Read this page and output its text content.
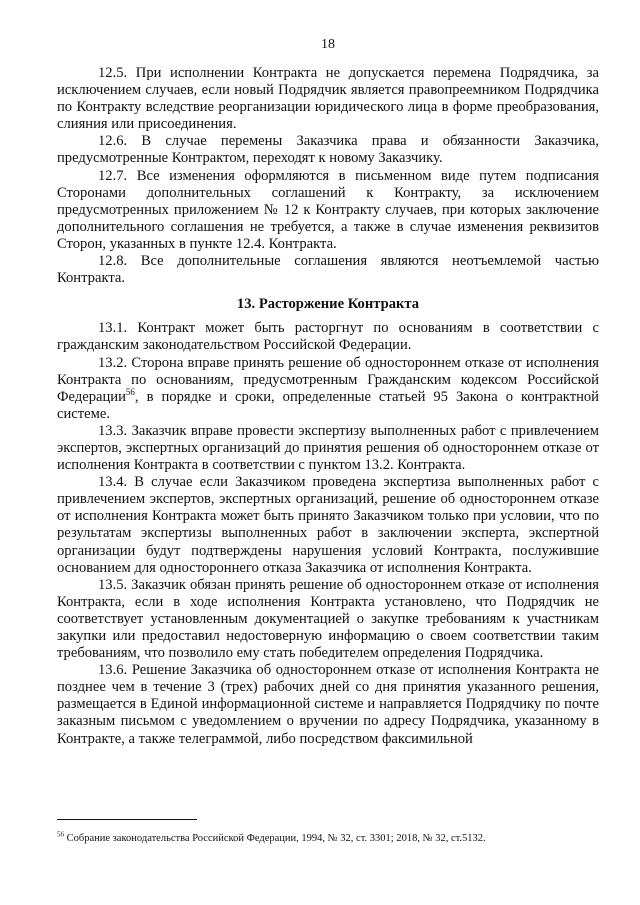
18

12.5. При исполнении Контракта не допускается перемена Подрядчика, за исключением случаев, если новый Подрядчик является правопреемником Подрядчика по Контракту вследствие реорганизации юридического лица в форме преобразования, слияния или присоединения.

12.6. В случае перемены Заказчика права и обязанности Заказчика, предусмотренные Контрактом, переходят к новому Заказчику.

12.7. Все изменения оформляются в письменном виде путем подписания Сторонами дополнительных соглашений к Контракту, за исключением предусмотренных приложением № 12 к Контракту случаев, при которых заключение дополнительного соглашения не требуется, а также в случае изменения реквизитов Сторон, указанных в пункте 12.4. Контракта.

12.8. Все дополнительные соглашения являются неотъемлемой частью Контракта.

13. Расторжение Контракта

13.1. Контракт может быть расторгнут по основаниям в соответствии с гражданским законодательством Российской Федерации.

13.2. Сторона вправе принять решение об одностороннем отказе от исполнения Контракта по основаниям, предусмотренным Гражданским кодексом Российской Федерации$^{56}$, в порядке и сроки, определенные статьей 95 Закона о контрактной системе.

13.3. Заказчик вправе провести экспертизу выполненных работ с привлечением экспертов, экспертных организаций до принятия решения об одностороннем отказе от исполнения Контракта в соответствии с пунктом 13.2. Контракта.

13.4. В случае если Заказчиком проведена экспертиза выполненных работ с привлечением экспертов, экспертных организаций, решение об одностороннем отказе от исполнения Контракта может быть принято Заказчиком только при условии, что по результатам экспертизы выполненных работ в заключении эксперта, экспертной организации будут подтверждены нарушения условий Контракта, послужившие основанием для одностороннего отказа Заказчика от исполнения Контракта.

13.5. Заказчик обязан принять решение об одностороннем отказе от исполнения Контракта, если в ходе исполнения Контракта установлено, что Подрядчик не соответствует установленным документацией о закупке требованиям к участникам закупки или предоставил недостоверную информацию о своем соответствии таким требованиям, что позволило ему стать победителем определения Подрядчика.

13.6. Решение Заказчика об одностороннем отказе от исполнения Контракта не позднее чем в течение 3 (трех) рабочих дней со дня принятия указанного решения, размещается в Единой информационной системе и направляется Подрядчику по почте заказным письмом с уведомлением о вручении по адресу Подрядчика, указанному в Контракте, а также телеграммой, либо посредством факсимильной

$^{56}$ Собрание законодательства Российской Федерации, 1994, № 32, ст. 3301; 2018, № 32, ст.5132.
